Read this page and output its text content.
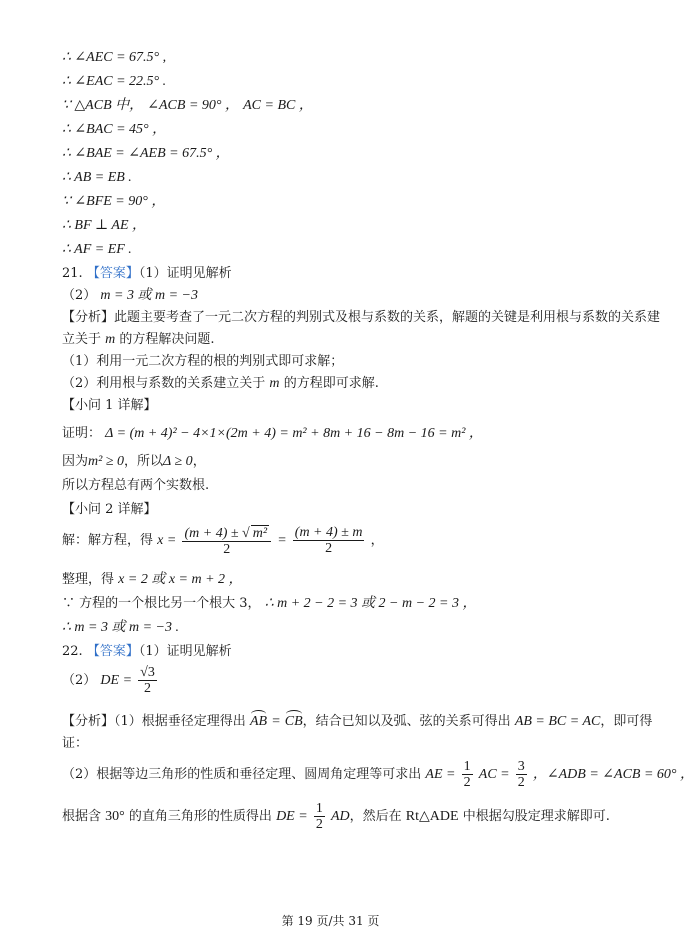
∴ ∠AEC = 67.5° ,
∴ ∠EAC = 22.5° .
∵ △ACB 中， ∠ACB = 90° ， AC = BC ，
∴ ∠BAC = 45° ，
∴ ∠BAE = ∠AEB = 67.5° ，
∴ AB = EB .
∵ ∠BFE = 90° ，
∴ BF ⊥ AE ，
∴ AF = EF .
21. 【答案】（1）证明见解析
（2） m = 3 或 m = −3
【分析】此题主要考查了一元二次方程的判别式及根与系数的关系，解题的关键是利用根与系数的关系建
立关于 m 的方程解决问题.
（1）利用一元二次方程的根的判别式即可求解；
（2）利用根与系数的关系建立关于 m 的方程即可求解.
【小问 1 详解】
证明： Δ = (m + 4)² − 4×1×(2m + 4) = m² + 8m + 16 − 8m − 16 = m² ，
因为m² ≥ 0，所以Δ ≥ 0，
所以方程总有两个实数根.
【小问 2 详解】
解：解方程，得 $x = \frac{\text{(m + 4) ± √ m²}}{2} = \frac{(m + 4) \pm m}{2}$ ，
整理，得 x = 2 或 x = m + 2 ，
∵ 方程的一个根比另一个根大 3， ∴ m + 2 − 2 = 3 或 2 − m − 2 = 3 ，
∴ m = 3 或 m = −3 .
22. 【答案】（1）证明见解析
（2） DE = $\frac{√3}{2}$
【分析】（1）根据垂径定理得出 AB = CB，结合已知以及弧、弦的关系可得出 AB = BC = AC，即可得
证：
（2）根据等边三角形的性质和垂径定理、圆周角定理等可求出 AE = $\frac{1}{2}$ AC = $\frac{3}{2}$ ，∠ADB = ∠ACB = 60° ，
根据含 30° 的直角三角形的性质得出 DE = $\frac{1}{2}$ AD，然后在 Rt△ADE 中根据勾股定理求解即可.
第 19 页/共 31 页
